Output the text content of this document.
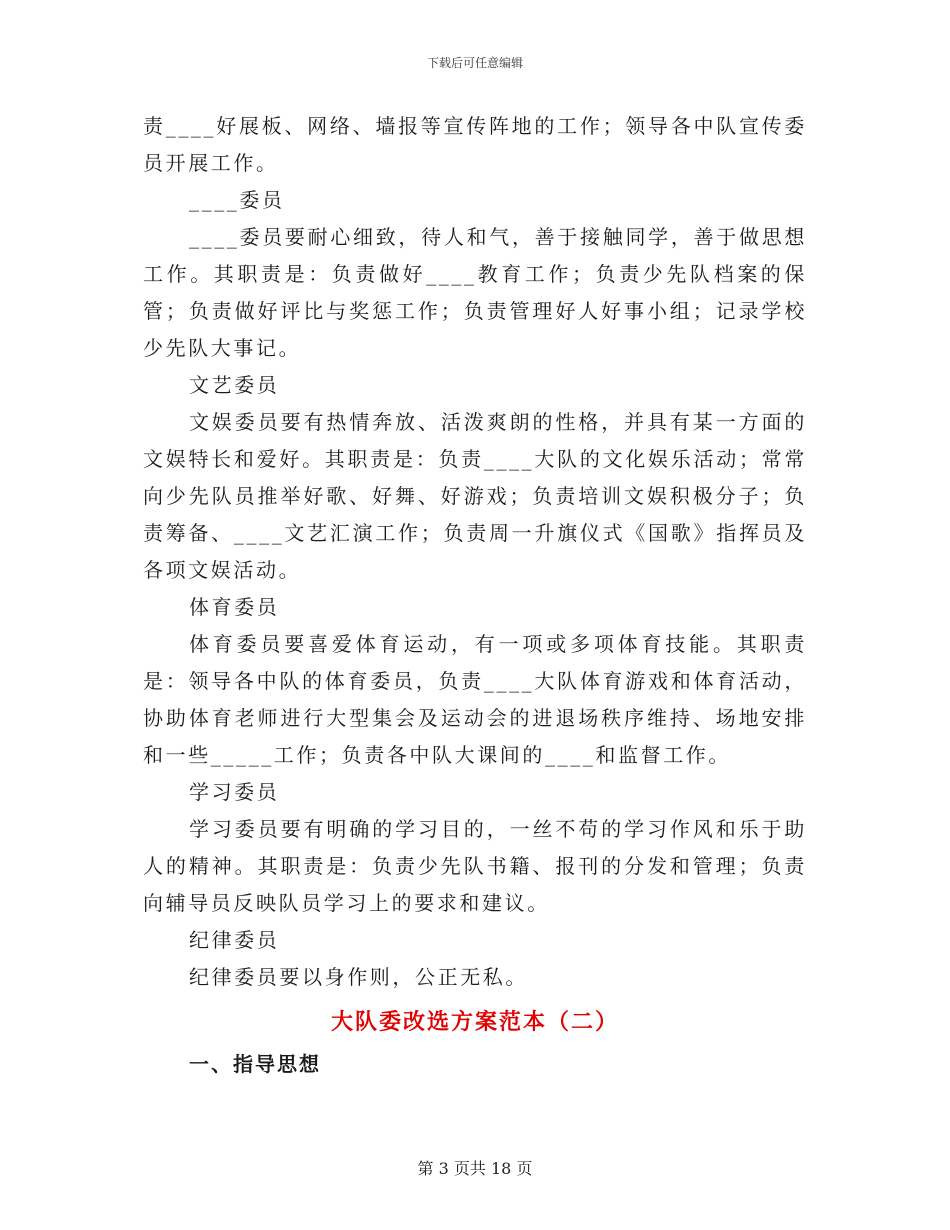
下载后可任意编辑

责____好展板、网络、墙报等宣传阵地的工作；领导各中队宣传委员开展工作。

____委员

____委员要耐心细致，待人和气，善于接触同学，善于做思想工作。其职责是：负责做好____教育工作；负责少先队档案的保管；负责做好评比与奖惩工作；负责管理好人好事小组；记录学校少先队大事记。

文艺委员

文娱委员要有热情奔放、活泼爽朗的性格，并具有某一方面的文娱特长和爱好。其职责是：负责____大队的文化娱乐活动；常常向少先队员推举好歌、好舞、好游戏；负责培训文娱积极分子；负责筹备、____文艺汇演工作；负责周一升旗仪式《国歌》指挥员及各项文娱活动。

体育委员

体育委员要喜爱体育运动，有一项或多项体育技能。其职责是：领导各中队的体育委员，负责____大队体育游戏和体育活动，协助体育老师进行大型集会及运动会的进退场秩序维持、场地安排和一些_____工作；负责各中队大课间的____和监督工作。

学习委员

学习委员要有明确的学习目的，一丝不苟的学习作风和乐于助人的精神。其职责是：负责少先队书籍、报刊的分发和管理；负责向辅导员反映队员学习上的要求和建议。

纪律委员

纪律委员要以身作则，公正无私。

大队委改选方案范本（二）
一、指导思想
第 3 页共 18 页
